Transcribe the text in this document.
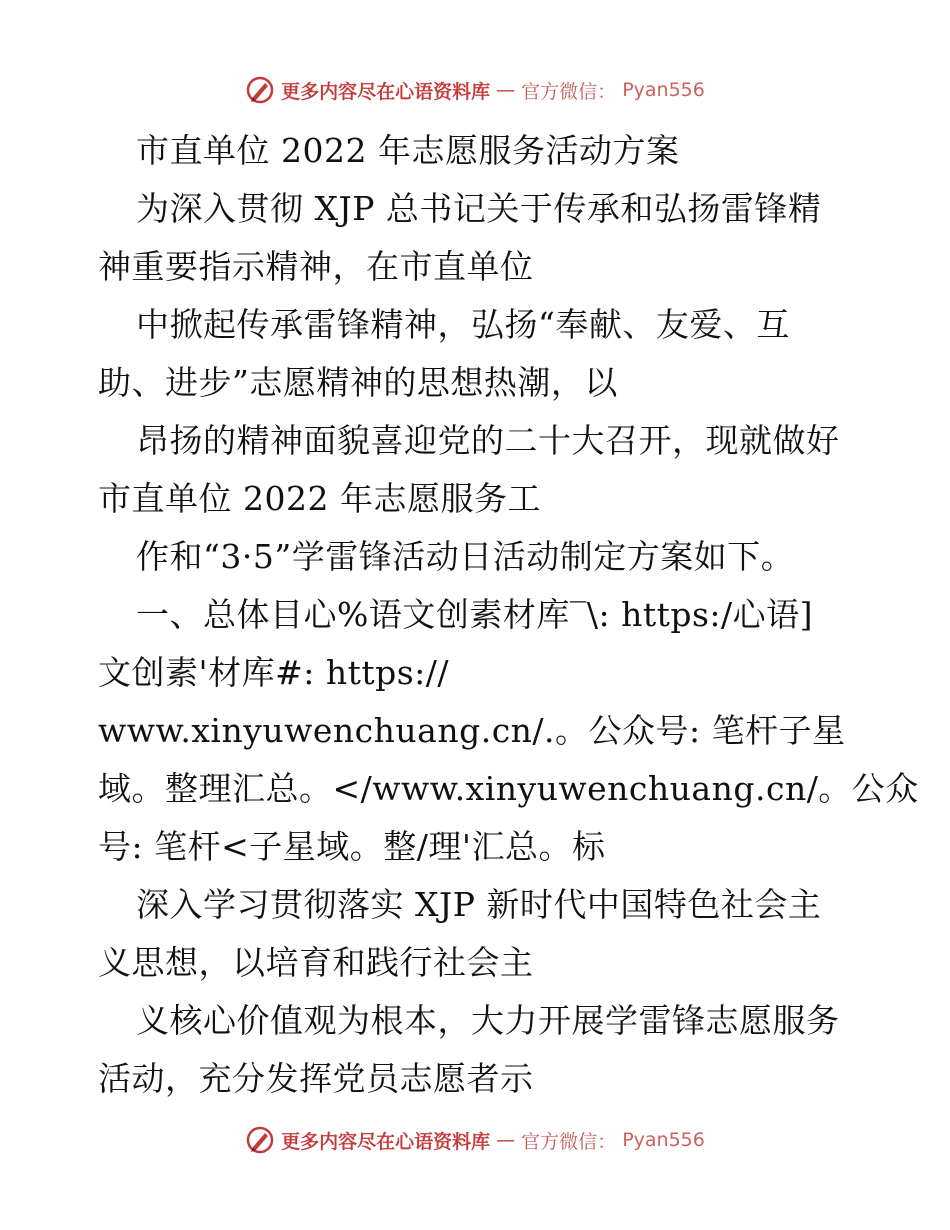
更多内容尽在心语资料库 — 官方微信： Pyan556
市直单位 2022 年志愿服务活动方案
为深入贯彻 XJP 总书记关于传承和弘扬雷锋精
神重要指示精神，在市直单位
中掀起传承雷锋精神，弘扬“奉献、友爱、互
助、进步”志愿精神的思想热潮，以
昂扬的精神面貌喜迎党的二十大召开，现就做好
市直单位 2022 年志愿服务工
作和“3·5”学雷锋活动日活动制定方案如下。
一、总体目心%语文创素材库‾\: https:/心语]
文创素'材库#: https://
www.xinyuwenchuang.cn/.。公众号: 笔杆子星
域。整理汇总。</www.xinyuwenchuang.cn/。公众
号: 笔杆<子星域。整/理'汇总。标
深入学习贯彻落实 XJP 新时代中国特色社会主
义思想，以培育和践行社会主
义核心价值观为根本，大力开展学雷锋志愿服务
活动，充分发挥党员志愿者示
更多内容尽在心语资料库 — 官方微信： Pyan556
